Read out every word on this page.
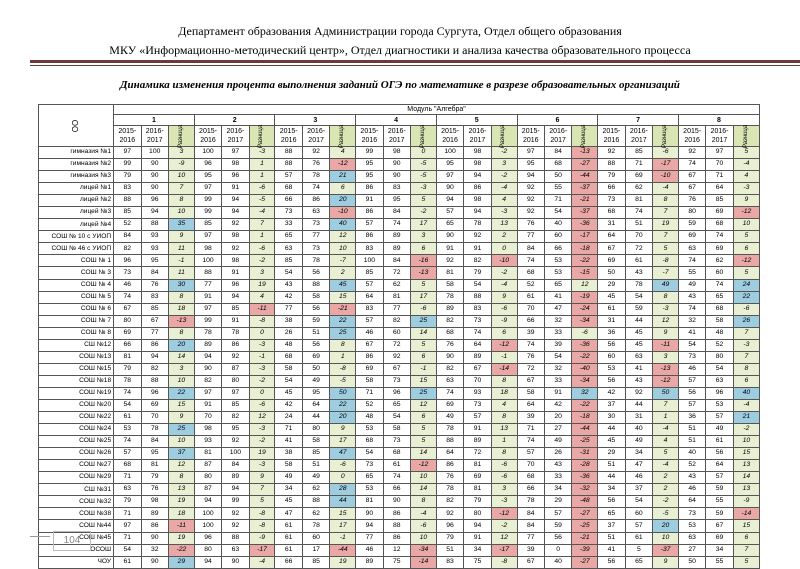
Департамент образования Администрации города Сургута, Отдел общего образования
МКУ «Информационно-методический центр», Отдел диагностики и анализа качества образовательного процесса
Динамика изменения процента выполнения заданий ОГЭ по математике в разрезе образовательных организаций
ОО	Модуль "Алгебра"																							
	1			2			3			4			5			6			7			8		
	2015-2016	2016-2017	Разница	2015-2016	2016-2017	Разница	2015-2016	2016-2017	Разница	2015-2016	2016-2017	Разница	2015-2016	2016-2017	Разница	2015-2016	2016-2017	Разница	2015-2016	2016-2017	Разница	2015-2016	2016-2017	Разница
гимназия №1	97	100	3	100	97	-3	88	92	4	99	98	0	100	98	-2	97	84	-13	92	85	-6	92	97	5
гимназия №2	99	90	-9	96	98	1	88	76	-12	95	90	-5	95	98	3	95	68	-27	88	71	-17	74	70	-4
гимназия №3	79	90	10	95	96	1	57	78	21	95	90	-5	97	94	-2	94	50	-44	79	69	-10	67	71	4
лицей №1	83	90	7	97	91	-6	68	74	6	86	83	-3	90	86	-4	92	55	-37	66	62	-4	67	64	-3
лицей №2	88	96	8	99	94	-5	66	86	20	91	95	5	94	98	4	92	71	-21	73	81	8	76	85	9
лицей №3	85	94	10	99	94	-4	73	63	-10	86	84	-2	57	94	-3	92	54	-37	68	74	7	80	69	-12
лицей №4	52	88	35	85	92	7	33	73	40	57	74	17	65	78	13	76	40	-36	31	51	19	59	68	10
СОШ № 10 с УИОП	84	93	9	97	98	1	65	77	12	86	89	3	90	92	2	77	60	-17	64	70	7	69	74	5
СОШ № 46 с УИОП	82	93	11	98	92	-6	63	73	10	83	89	6	91	91	0	84	66	-18	67	72	5	63	69	6
СОШ № 1	96	95	-1	100	98	-2	85	78	-7	100	84	-16	92	82	-10	74	53	-22	69	61	-8	74	62	-12
СОШ № 3	73	84	11	88	91	3	54	56	2	85	72	-13	81	79	-2	68	53	-15	50	43	-7	55	60	5
СОШ № 4	46	76	30	77	96	19	43	88	45	57	62	5	58	54	-4	52	65	12	29	78	49	49	74	24
СОШ № 5	74	83	8	91	94	4	42	58	15	64	81	17	78	88	9	61	41	-19	45	54	8	43	65	22
СОШ № 6	67	85	18	97	85	-11	77	56	-21	83	77	-6	89	83	-6	70	47	-24	61	59	-3	74	68	-6
СОШ № 7	80	67	-13	99	91	-8	38	59	22	57	82	25	82	73	-9	66	32	-34	31	44	12	32	58	26
СОШ № 8	69	77	8	78	78	0	26	51	25	46	60	14	68	74	6	39	33	-6	36	45	9	41	48	7
СШ №12	66	86	20	89	86	-3	48	56	8	67	72	5	76	64	-12	74	39	-36	56	45	-11	54	52	-3
СОШ №13	81	94	14	94	92	-1	68	69	1	86	92	6	90	89	-1	76	54	-22	60	63	3	73	80	7
СОШ №15	79	82	3	90	87	-3	58	50	-8	69	67	-1	82	67	-14	72	32	-40	53	41	-13	46	54	8
СОШ №18	78	88	10	82	80	-2	54	49	-5	58	73	15	63	70	8	67	33	-34	56	43	-12	57	63	6
СОШ №19	74	96	22	97	97	0	45	95	50	71	96	25	74	93	18	58	91	32	42	92	50	56	96	40
СОШ №20	54	69	15	91	85	-6	42	64	22	52	65	12	69	73	4	64	42	-22	37	44	7	57	53	-4
СОШ №22	61	70	9	70	82	12	24	44	20	48	54	6	49	57	8	39	20	-18	30	31	1	36	57	21
СОШ №24	53	78	25	98	95	-3	71	80	9	53	58	5	78	91	13	71	27	-44	44	40	-4	51	49	-2
СОШ №25	74	84	10	93	92	-2	41	58	17	68	73	5	88	89	1	74	49	-25	45	49	4	51	61	10
СОШ №26	57	95	37	81	100	19	38	85	47	54	68	14	64	72	8	57	26	-31	29	34	5	40	56	15
СОШ №27	68	81	12	87	84	-3	58	51	-6	73	61	-12	86	81	-6	70	43	-28	51	47	-4	52	64	13
СОШ №29	71	79	8	80	89	9	49	49	0	65	74	10	76	69	-6	68	33	-36	44	46	2	43	57	14
СШ №31	63	76	13	87	94	7	34	62	28	53	66	14	78	81	3	66	34	-32	34	37	2	46	59	13
СОШ №32	79	98	19	94	99	5	45	88	44	81	90	8	82	79	-3	78	29	-48	56	54	-2	64	55	-9
СОШ №38	71	89	18	100	92	-8	47	62	15	90	86	-4	92	80	-12	84	57	-27	65	60	-5	73	59	-14
СОШ №44	97	86	-11	100	92	-8	61	78	17	94	88	-6	96	94	-2	84	59	-25	37	57	20	53	67	15
СОШ №45	71	90	19	96	88	-9	61	60	-1	77	86	10	79	91	12	77	56	-21	51	61	10	63	69	6
ОСОШ	54	32	-22	80	63	-17	61	17	-44	46	12	-34	51	34	-17	39	0	-39	41	5	-37	27	34	7
ЧОУ	61	90	29	94	90	-4	66	85	19	89	75	-14	83	75	-8	67	40	-27	56	65	9	50	55	5
104
